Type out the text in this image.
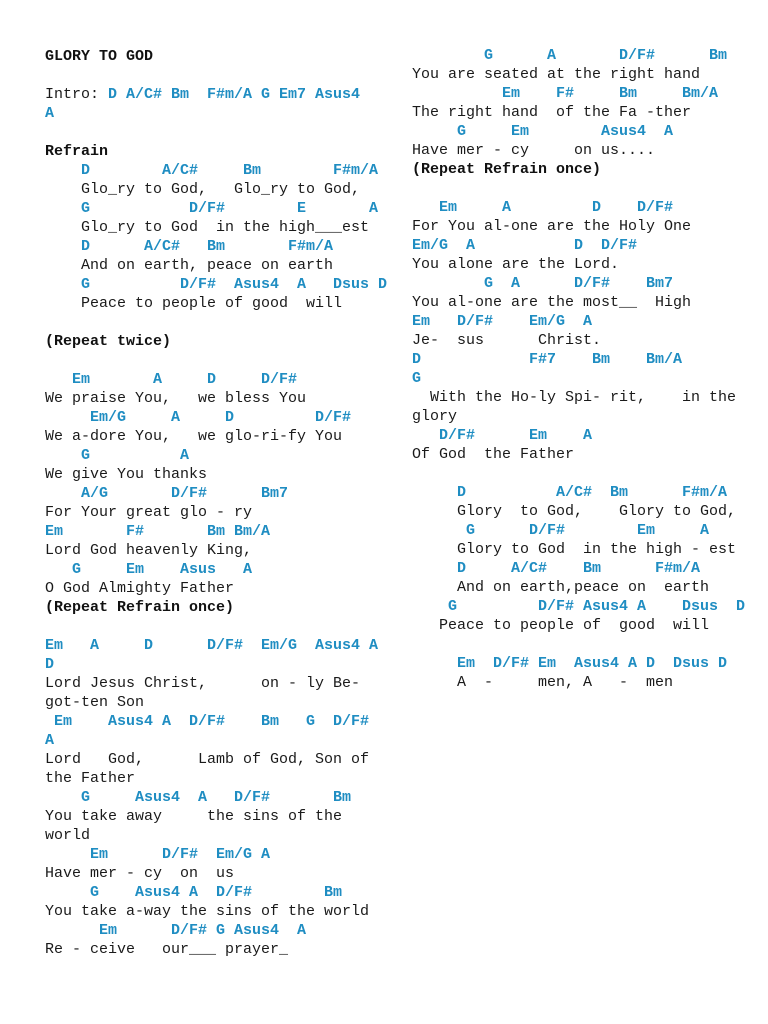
GLORY TO GOD
Intro: D A/C# Bm  F#m/A G Em7 Asus4
A
Refrain
D        A/C#     Bm        F#m/A
Glo_ry to God,   Glo_ry to God,
G           D/F#        E       A
Glo_ry to God  in the high___est
D      A/C#   Bm       F#m/A
And on earth, peace on earth
G          D/F#  Asus4  A   Dsus D
Peace to people of good  will
(Repeat twice)
Em       A     D     D/F#
We praise You,   we bless You
Em/G     A     D         D/F#
We a-dore You,   we glo-ri-fy You
G          A
We give You thanks
A/G       D/F#      Bm7
For Your great glo - ry
Em       F#       Bm Bm/A
Lord God heavenly King,
G     Em    Asus   A
O God Almighty Father
(Repeat Refrain once)
Em   A     D      D/F#  Em/G  Asus4 A
D
Lord Jesus Christ,      on - ly Be-
got-ten Son
Em    Asus4 A  D/F#    Bm   G  D/F#
A
Lord   God,      Lamb of God, Son of
the Father
G     Asus4  A   D/F#       Bm
You take away     the sins of the
world
Em      D/F#  Em/G A
Have mer - cy  on  us
G    Asus4 A  D/F#        Bm
You take a-way the sins of the world
Em      D/F# G Asus4  A
Re - ceive   our___ prayer_
G      A       D/F#      Bm
You are seated at the right hand
Em    F#     Bm     Bm/A
The right hand  of the Fa -ther
G     Em        Asus4  A
Have mer - cy     on us....
(Repeat Refrain once)
Em     A         D    D/F#
For You al-one are the Holy One
Em/G  A           D  D/F#
You alone are the Lord.
G  A      D/F#    Bm7
You al-one are the most__  High
Em   D/F#    Em/G  A
Je-  sus      Christ.
D            F#7    Bm    Bm/A
G
With the Ho-ly Spi- rit,    in the
glory
D/F#      Em    A
Of God  the Father
D          A/C#  Bm      F#m/A
Glory  to God,    Glory to God,
G      D/F#        Em     A
Glory to God  in the high - est
D     A/C#    Bm      F#m/A
And on earth,peace on  earth
G         D/F# Asus4 A    Dsus  D
Peace to people of  good  will
Em  D/F# Em  Asus4 A D  Dsus D
A  -     men, A   -  men
